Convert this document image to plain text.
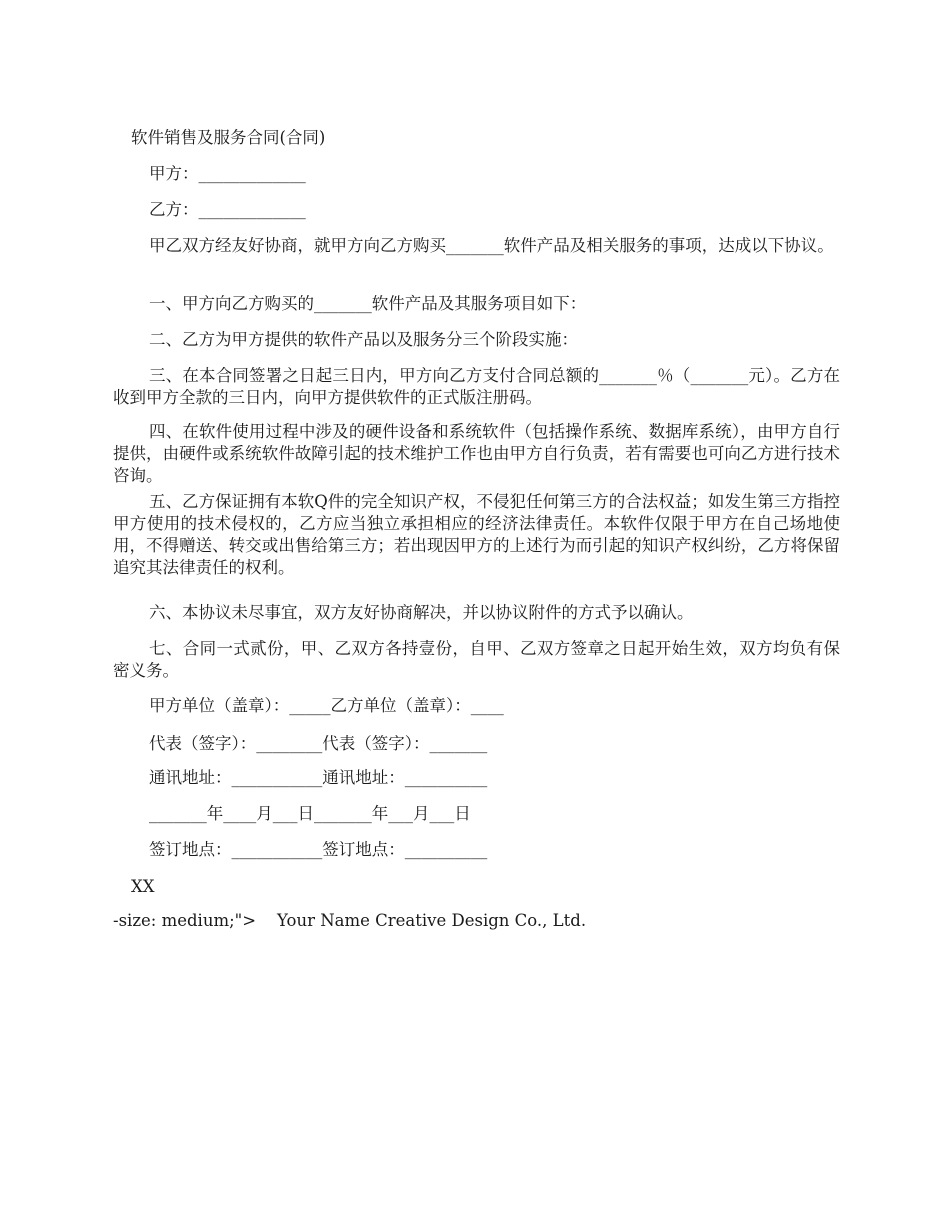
软件销售及服务合同(合同)

甲方：_____________

乙方：_____________

甲乙双方经友好协商，就甲方向乙方购买_______软件产品及相关服务的事项，达成以下协议。

一、甲方向乙方购买的_______软件产品及其服务项目如下：

二、乙方为甲方提供的软件产品以及服务分三个阶段实施：

三、在本合同签署之日起三日内，甲方向乙方支付合同总额的_______％（_______元）。乙方在收到甲方全款的三日内，向甲方提供软件的正式版注册码。

四、在软件使用过程中涉及的硬件设备和系统软件（包括操作系统、数据库系统），由甲方自行提供，由硬件或系统软件故障引起的技术维护工作也由甲方自行负责，若有需要也可向乙方进行技术咨询。

五、乙方保证拥有本软Q件的完全知识产权，不侵犯任何第三方的合法权益；如发生第三方指控甲方使用的技术侵权的，乙方应当独立承担相应的经济法律责任。本软件仅限于甲方在自己场地使用，不得赠送、转交或出售给第三方；若出现因甲方的上述行为而引起的知识产权纠纷，乙方将保留追究其法律责任的权利。

六、本协议未尽事宜，双方友好协商解决，并以协议附件的方式予以确认。

七、合同一式贰份，甲、乙双方各持壹份，自甲、乙双方签章之日起开始生效，双方均负有保密义务。

甲方单位（盖章）：_____乙方单位（盖章）：____

代表（签字）：________代表（签字）：_______

通讯地址：___________通讯地址：__________

_______年____月___日_______年___月___日

签订地点：___________签订地点：__________

XX

-size: medium;">    Your Name Creative Design Co., Ltd.
